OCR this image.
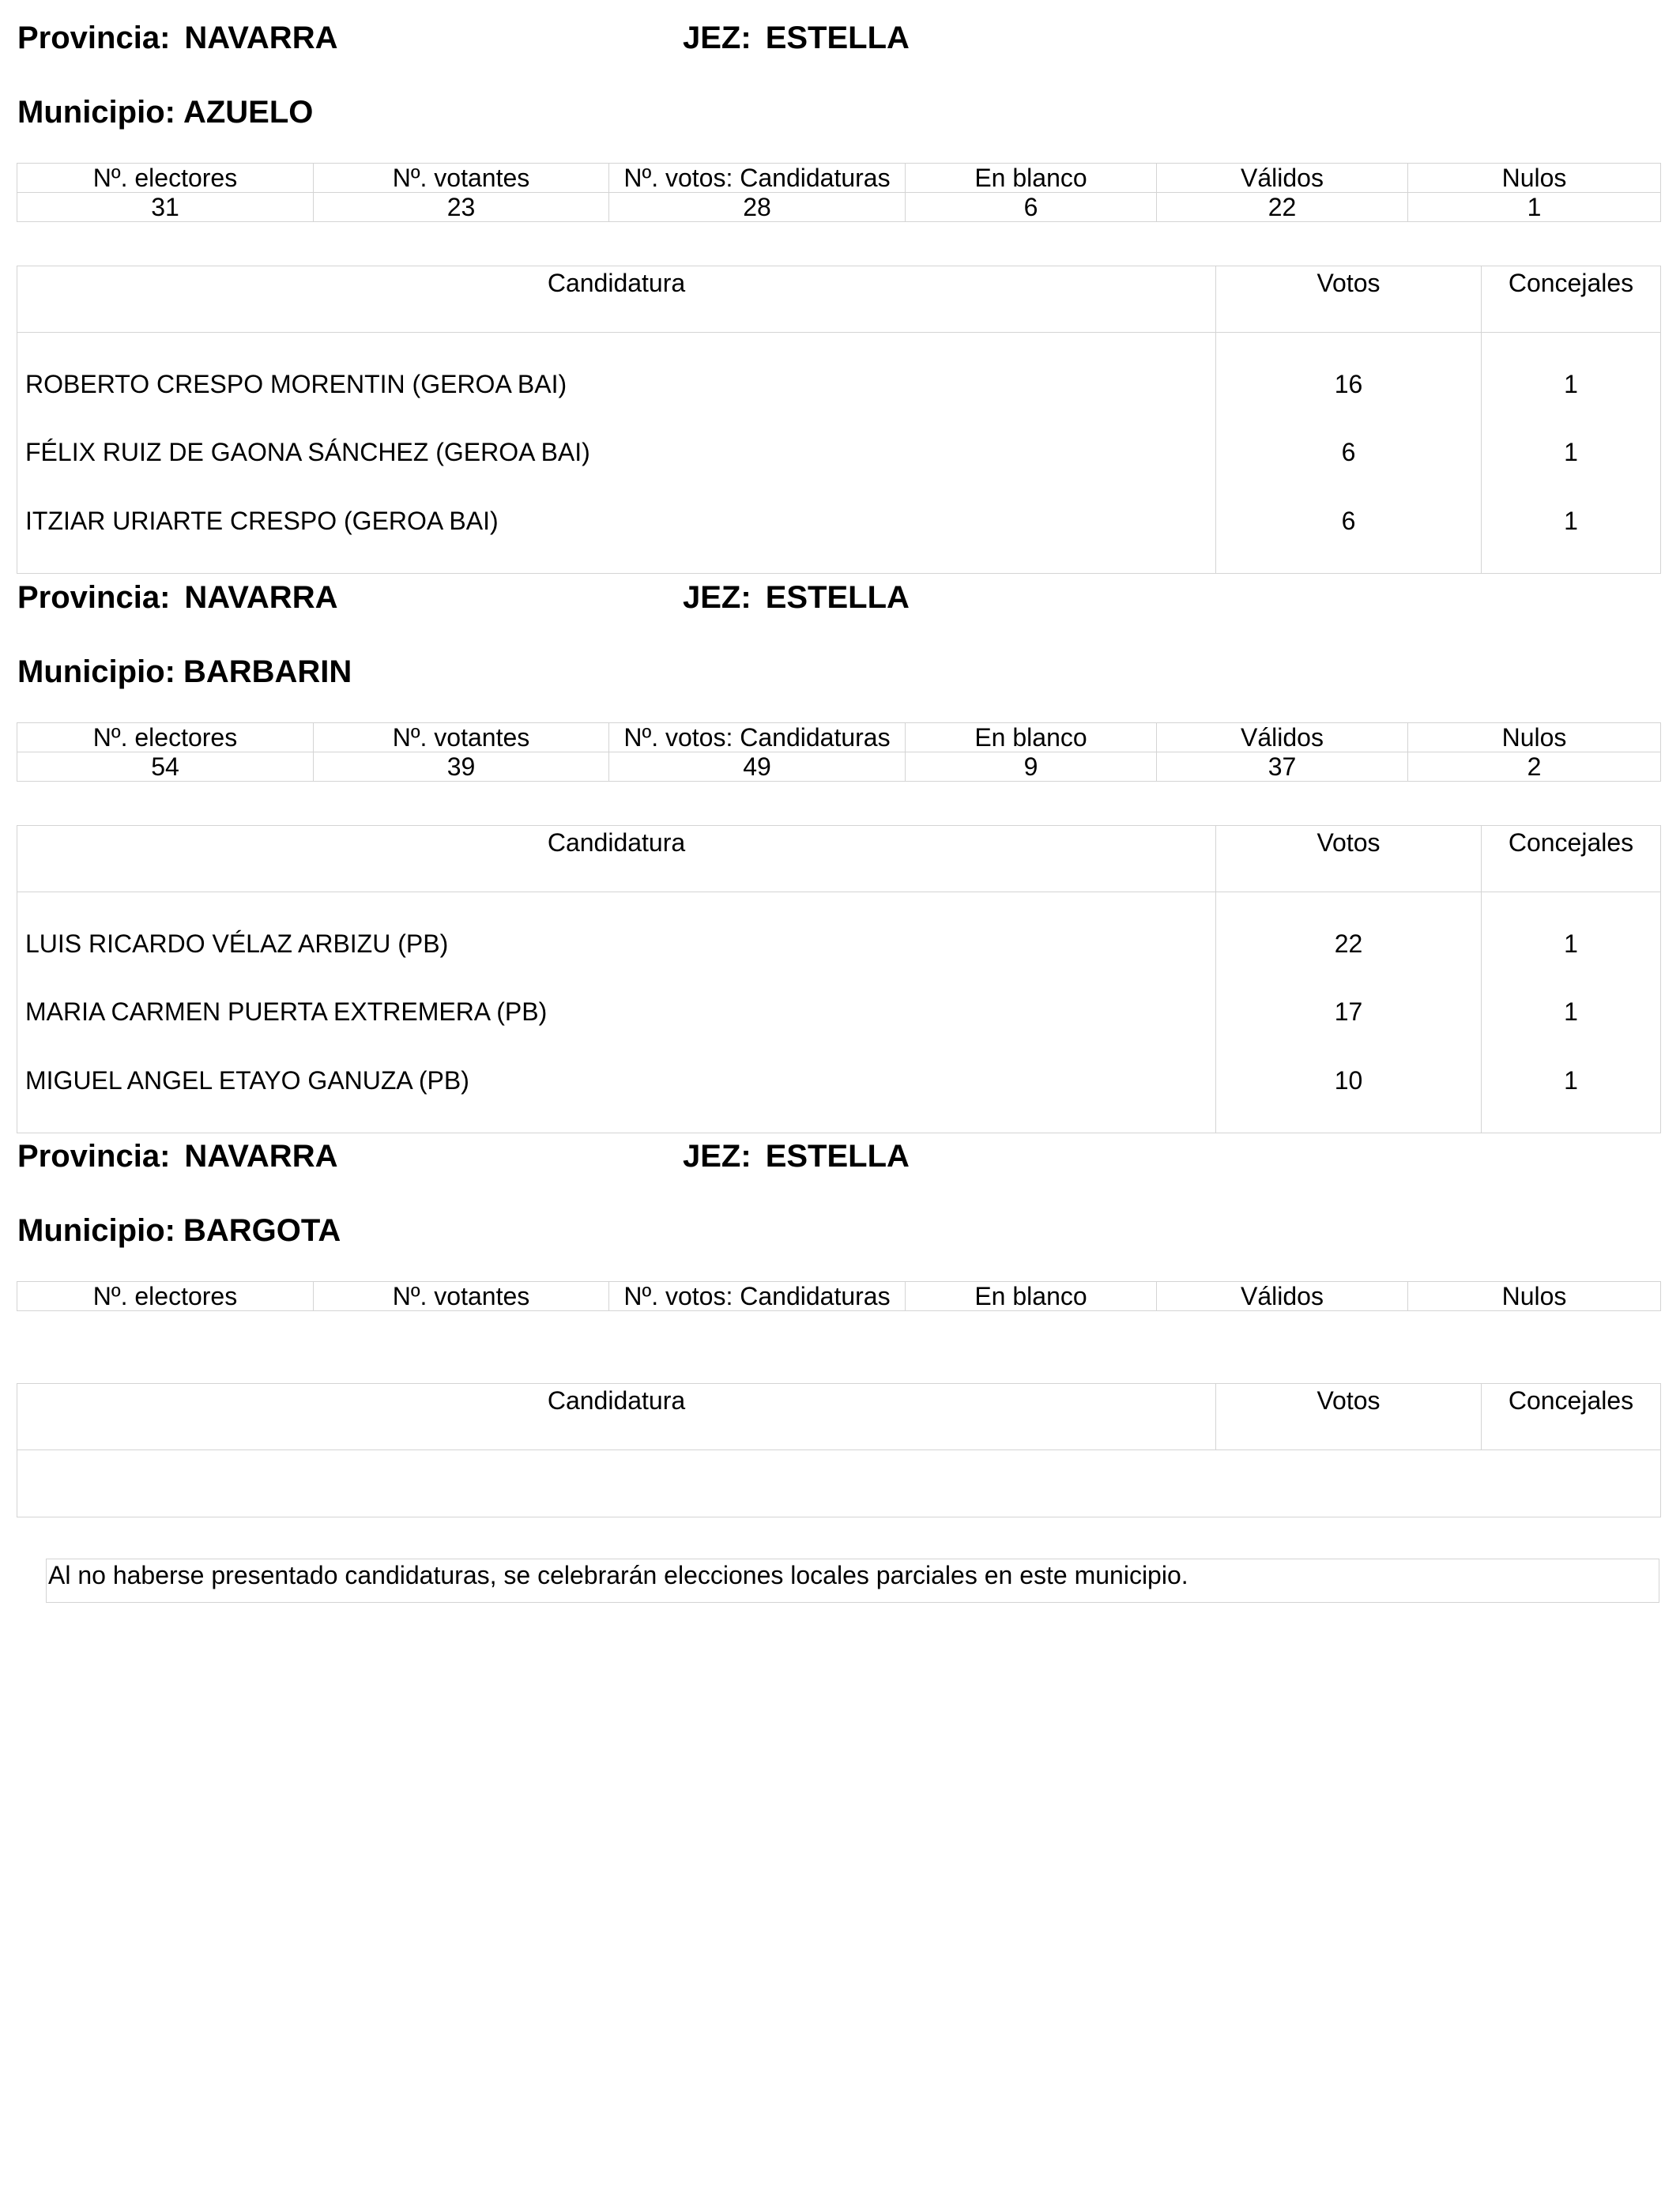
Provincia: NAVARRA	JEZ: ESTELLA
Municipio: AZUELO
Nº. electores	Nº. votantes	Nº. votos: Candidaturas	En blanco	Válidos	Nulos
31	23	28	6	22	1
Candidatura	Votos	Concejales
ROBERTO CRESPO MORENTIN (GEROA BAI)	16	1
FÉLIX RUIZ DE GAONA SÁNCHEZ (GEROA BAI)	6	1
ITZIAR URIARTE CRESPO (GEROA BAI)	6	1
Provincia: NAVARRA	JEZ: ESTELLA
Municipio: BARBARIN
Nº. electores	Nº. votantes	Nº. votos: Candidaturas	En blanco	Válidos	Nulos
54	39	49	9	37	2
Candidatura	Votos	Concejales
LUIS RICARDO VÉLAZ ARBIZU (PB)	22	1
MARIA CARMEN PUERTA EXTREMERA (PB)	17	1
MIGUEL ANGEL ETAYO GANUZA (PB)	10	1
Provincia: NAVARRA	JEZ: ESTELLA
Municipio: BARGOTA
Nº. electores	Nº. votantes	Nº. votos: Candidaturas	En blanco	Válidos	Nulos
Candidatura	Votos	Concejales

Al no haberse presentado candidaturas, se celebrarán elecciones locales parciales en este municipio.
